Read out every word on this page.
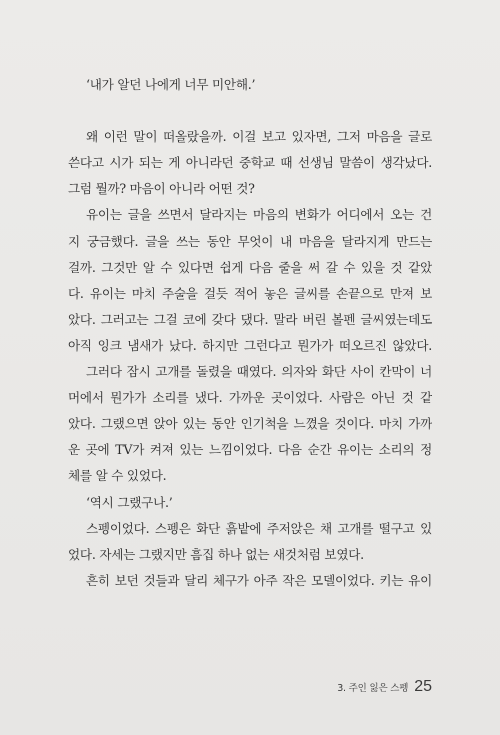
‘내가 알던 나에게 너무 미안해.’
왜 이런 말이 떠올랐을까. 이걸 보고 있자면, 그저 마음을 글로
쓴다고 시가 되는 게 아니라던 중학교 때 선생님 말씀이 생각났다.
그럼 뭘까? 마음이 아니라 어떤 것?
유이는 글을 쓰면서 달라지는 마음의 변화가 어디에서 오는 건
지 궁금했다. 글을 쓰는 동안 무엇이 내 마음을 달라지게 만드는
걸까. 그것만 알 수 있다면 쉽게 다음 줄을 써 갈 수 있을 것 같았
다. 유이는 마치 주술을 걸듯 적어 놓은 글씨를 손끝으로 만져 보
았다. 그러고는 그걸 코에 갖다 댔다. 말라 버린 볼펜 글씨였는데도
아직 잉크 냄새가 났다. 하지만 그런다고 뭔가가 떠오르진 않았다.
그러다 잠시 고개를 돌렸을 때였다. 의자와 화단 사이 칸막이 너
머에서 뭔가가 소리를 냈다. 가까운 곳이었다. 사람은 아닌 것 같
았다. 그랬으면 앉아 있는 동안 인기척을 느꼈을 것이다. 마치 가까
운 곳에 TV가 켜져 있는 느낌이었다. 다음 순간 유이는 소리의 정
체를 알 수 있었다.
‘역시 그랬구나.’
스펭이었다. 스펭은 화단 흙밭에 주저앉은 채 고개를 떨구고 있
었다. 자세는 그랬지만 흠집 하나 없는 새것처럼 보였다.
흔히 보던 것들과 달리 체구가 아주 작은 모델이었다. 키는 유이
3. 주인 잃은 스펭 25
